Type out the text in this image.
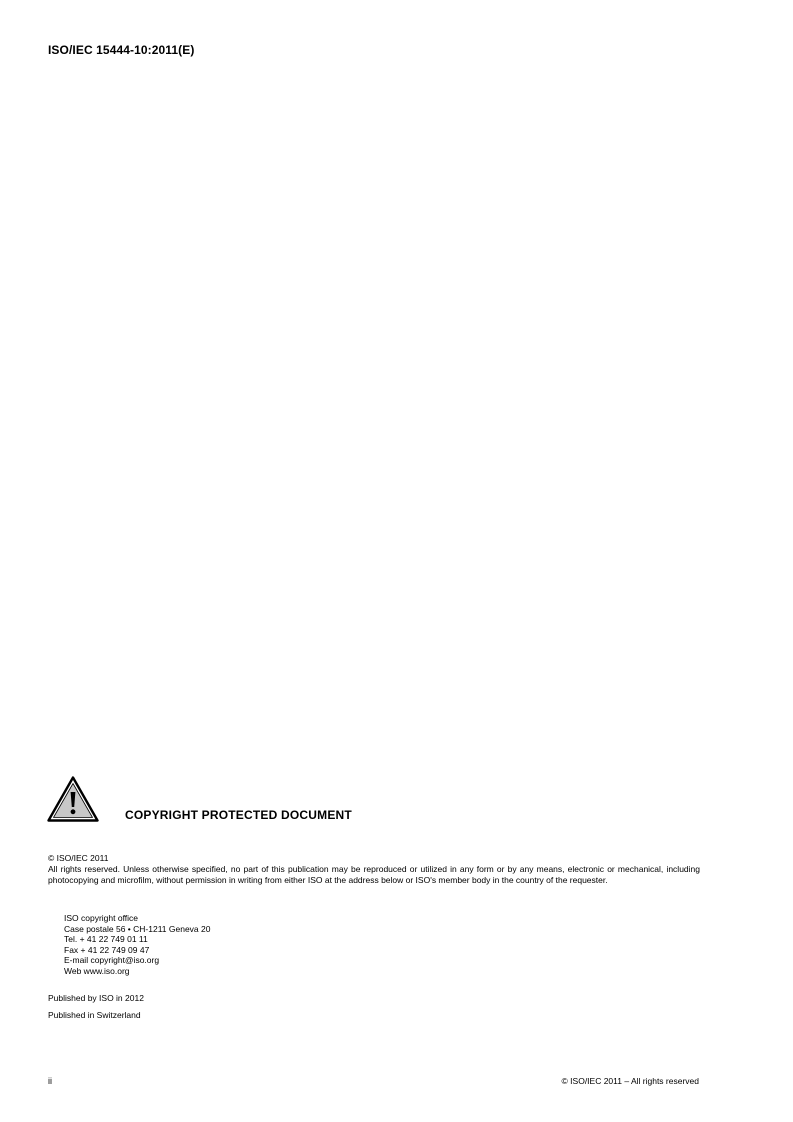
ISO/IEC 15444-10:2011(E)
COPYRIGHT PROTECTED DOCUMENT
© ISO/IEC 2011
All rights reserved. Unless otherwise specified, no part of this publication may be reproduced or utilized in any form or by any means, electronic or mechanical, including photocopying and microfilm, without permission in writing from either ISO at the address below or ISO's member body in the country of the requester.
ISO copyright office
Case postale 56 • CH-1211 Geneva 20
Tel. + 41 22 749 01 11
Fax + 41 22 749 09 47
E-mail copyright@iso.org
Web www.iso.org
Published by ISO in 2012
Published in Switzerland
ii	© ISO/IEC 2011 – All rights reserved
